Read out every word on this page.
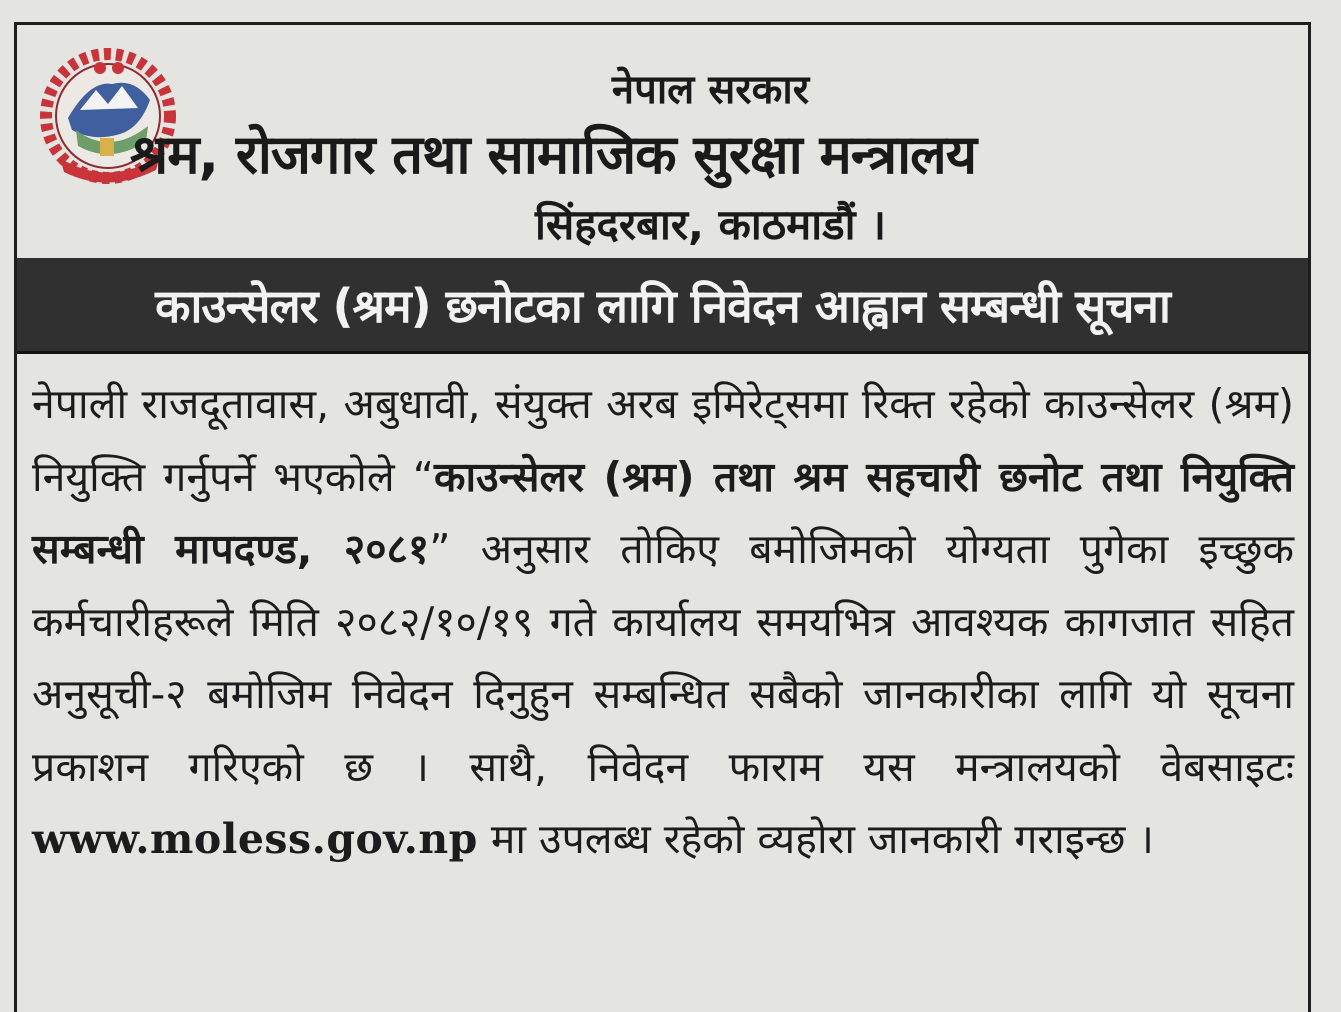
नेपाल सरकार
श्रम, रोजगार तथा सामाजिक सुरक्षा मन्त्रालय
सिंहदरबार, काठमाडौं ।
काउन्सेलर (श्रम) छनोटका लागि निवेदन आह्वान सम्बन्धी सूचना
नेपाली राजदूतावास, अबुधावी, संयुक्त अरब इमिरेट्समा रिक्त रहेको काउन्सेलर (श्रम) नियुक्ति गर्नुपर्ने भएकोले “काउन्सेलर (श्रम) तथा श्रम सहचारी छनोट तथा नियुक्ति सम्बन्धी मापदण्ड, २०८१” अनुसार तोकिए बमोजिमको योग्यता पुगेका इच्छुक कर्मचारीहरूले मिति २०८२/१०/१९ गते कार्यालय समयभित्र आवश्यक कागजात सहित अनुसूची-२ बमोजिम निवेदन दिनुहुन सम्बन्धित सबैको जानकारीका लागि यो सूचना प्रकाशन गरिएको छ । साथै, निवेदन फाराम यस मन्त्रालयको वेबसाइटः www.moless.gov.np मा उपलब्ध रहेको व्यहोरा जानकारी गराइन्छ ।
